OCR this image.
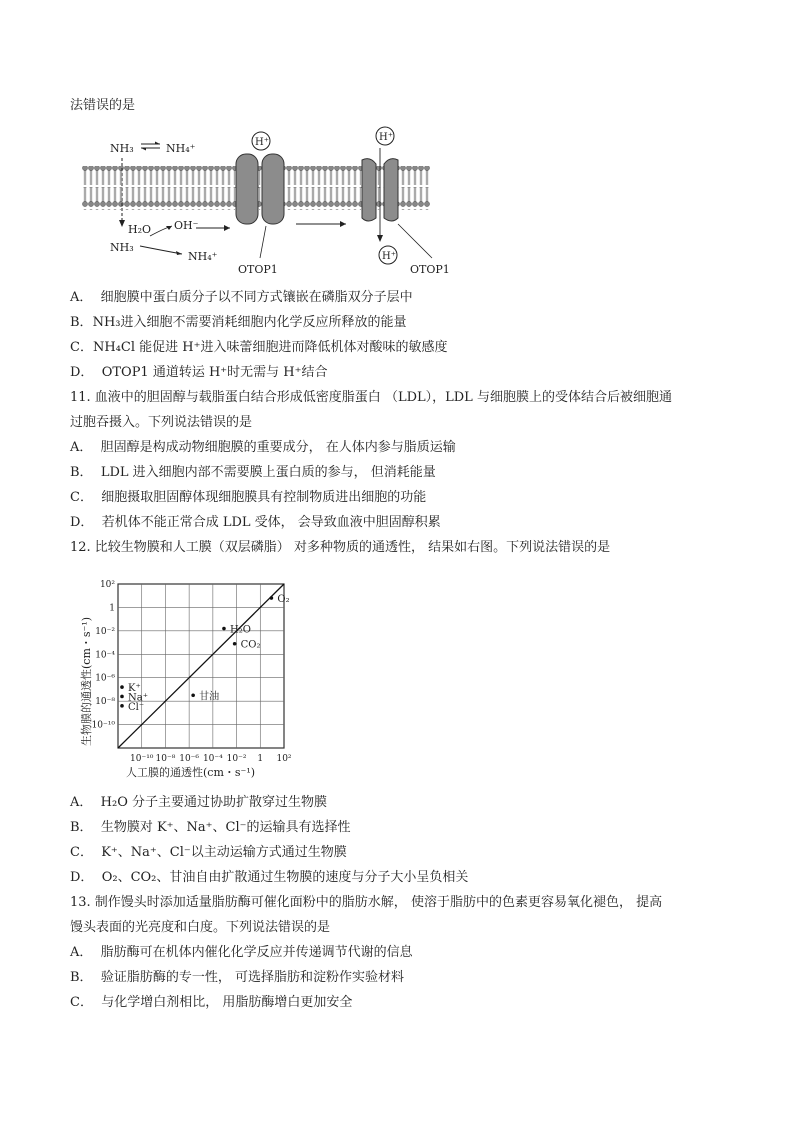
法错误的是
NH₃	NH₄⁺
H₂O OH⁻
NH₃
NH₄⁺
H⁺	H⁺
H⁺
OTOP1	OTOP1
A． 细胞膜中蛋白质分子以不同方式镶嵌在磷脂双分子层中
B．NH₃进入细胞不需要消耗细胞内化学反应所释放的能量
C．NH₄Cl 能促进 H⁺进入味蕾细胞进而降低机体对酸味的敏感度
D． OTOP1 通道转运 H⁺时无需与 H⁺结合
11. 血液中的胆固醇与载脂蛋白结合形成低密度脂蛋白 （LDL），LDL 与细胞膜上的受体结合后被细胞通
过胞吞摄入。下列说法错误的是
A． 胆固醇是构成动物细胞膜的重要成分， 在人体内参与脂质运输
B． LDL 进入细胞内部不需要膜上蛋白质的参与， 但消耗能量
C． 细胞摄取胆固醇体现细胞膜具有控制物质进出细胞的功能
D． 若机体不能正常合成 LDL 受体， 会导致血液中胆固醇积累
12. 比较生物膜和人工膜（双层磷脂） 对多种物质的通透性， 结果如右图。下列说法错误的是
10⁻¹⁰ 10⁻⁸ 10⁻⁶ 10⁻⁴ 10⁻² 1 10²
10²
1
10⁻²
10⁻⁴
10⁻⁶
10⁻⁸
10⁻¹⁰
K⁺
Na⁺
Cl⁻
H₂O
CO₂
甘油
O₂
人工膜的通透性(cm・s⁻¹)
生物膜的通透性(cm・s⁻¹)
A． H₂O 分子主要通过协助扩散穿过生物膜
B． 生物膜对 K⁺、Na⁺、Cl⁻的运输具有选择性
C． K⁺、Na⁺、Cl⁻以主动运输方式通过生物膜
D． O₂、CO₂、甘油自由扩散通过生物膜的速度与分子大小呈负相关
13. 制作馒头时添加适量脂肪酶可催化面粉中的脂肪水解， 使溶于脂肪中的色素更容易氧化褪色， 提高
馒头表面的光亮度和白度。下列说法错误的是
A． 脂肪酶可在机体内催化化学反应并传递调节代谢的信息
B． 验证脂肪酶的专一性， 可选择脂肪和淀粉作实验材料
C． 与化学增白剂相比， 用脂肪酶增白更加安全
